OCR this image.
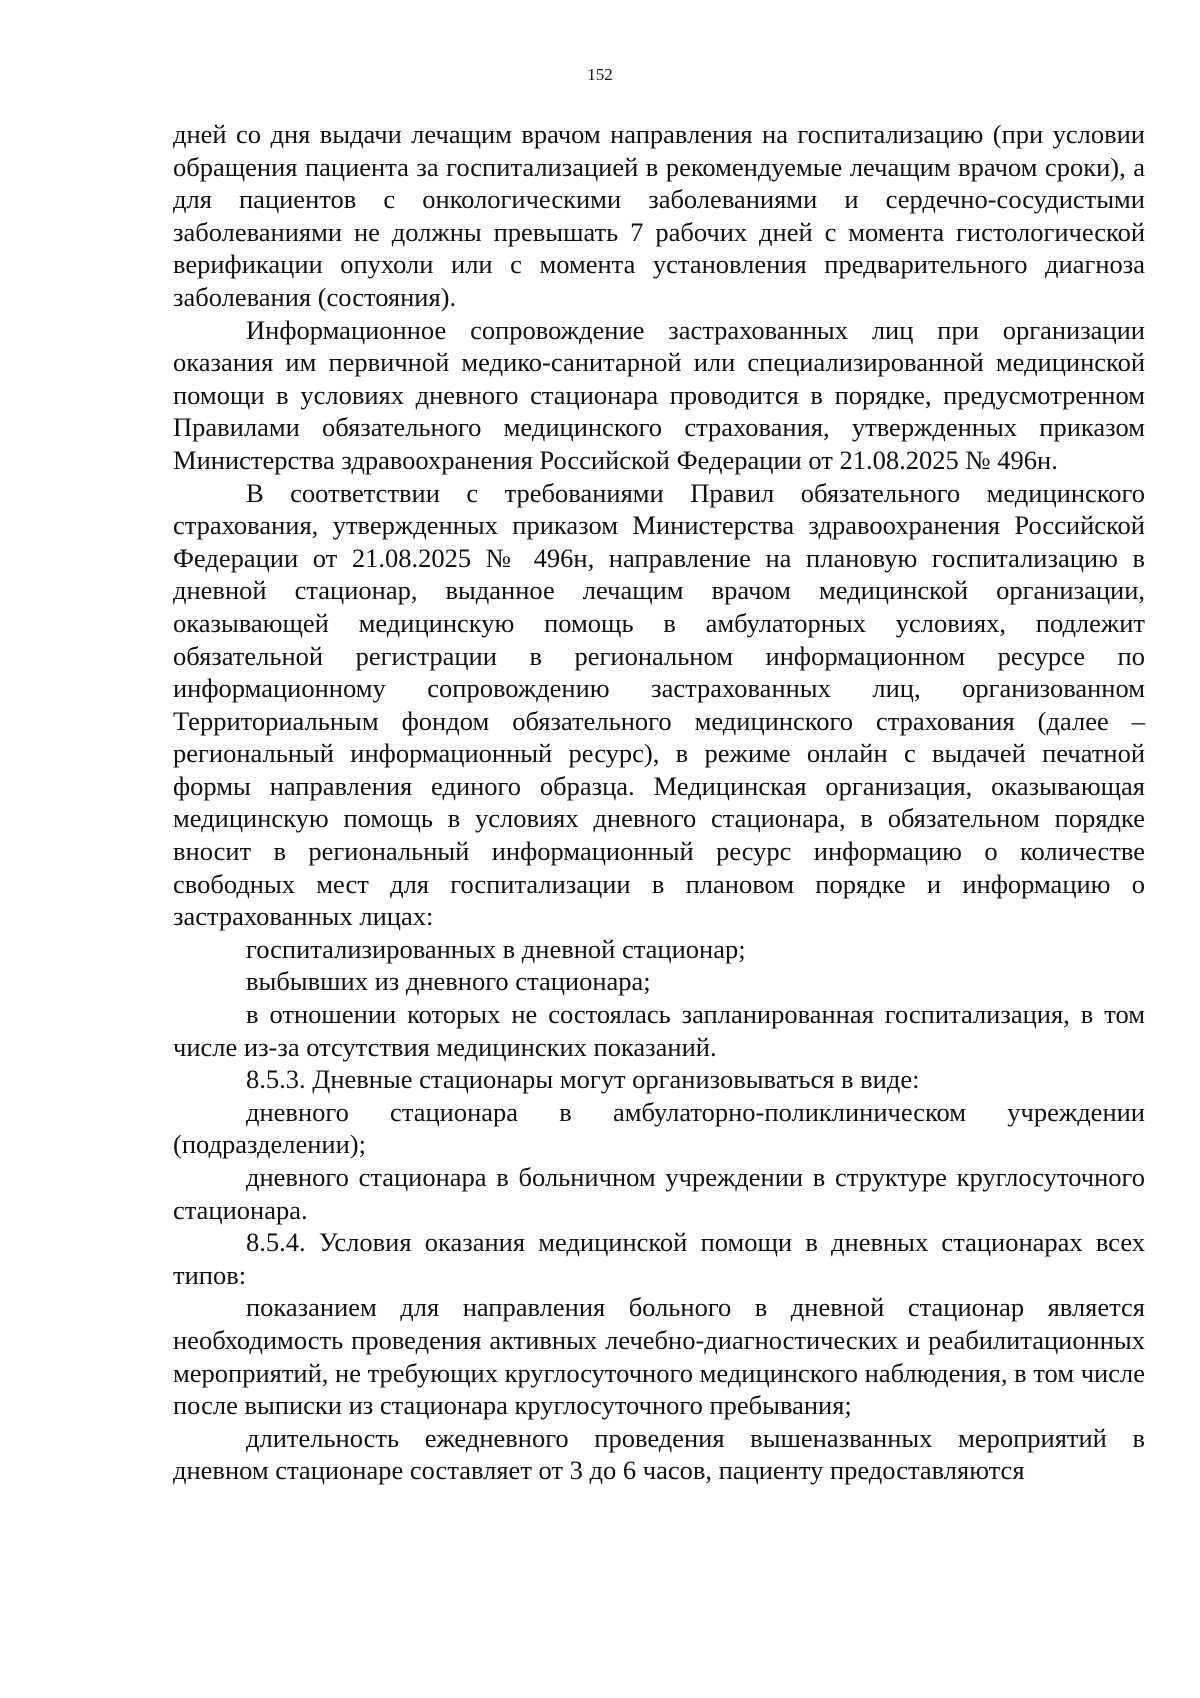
152

дней со дня выдачи лечащим врачом направления на госпитализацию (при условии обращения пациента за госпитализацией в рекомендуемые лечащим врачом сроки), а для пациентов с онкологическими заболеваниями и сердечно-сосудистыми заболеваниями не должны превышать 7 рабочих дней с момента гистологической верификации опухоли или с момента установления предварительного диагноза заболевания (состояния).

Информационное сопровождение застрахованных лиц при организации оказания им первичной медико-санитарной или специализированной медицинской помощи в условиях дневного стационара проводится в порядке, предусмотренном Правилами обязательного медицинского страхования, утвержденных приказом Министерства здравоохранения Российской Федерации от 21.08.2025 № 496н.

В соответствии с требованиями Правил обязательного медицинского страхования, утвержденных приказом Министерства здравоохранения Российской Федерации от 21.08.2025 № 496н, направление на плановую госпитализацию в дневной стационар, выданное лечащим врачом медицинской организации, оказывающей медицинскую помощь в амбулаторных условиях, подлежит обязательной регистрации в региональном информационном ресурсе по информационному сопровождению застрахованных лиц, организованном Территориальным фондом обязательного медицинского страхования (далее – региональный информационный ресурс), в режиме онлайн с выдачей печатной формы направления единого образца. Медицинская организация, оказывающая медицинскую помощь в условиях дневного стационара, в обязательном порядке вносит в региональный информационный ресурс информацию о количестве свободных мест для госпитализации в плановом порядке и информацию о застрахованных лицах:

госпитализированных в дневной стационар;

выбывших из дневного стационара;

в отношении которых не состоялась запланированная госпитализация, в том числе из-за отсутствия медицинских показаний.

8.5.3. Дневные стационары могут организовываться в виде:

дневного стационара в амбулаторно-поликлиническом учреждении (подразделении);

дневного стационара в больничном учреждении в структуре круглосуточного стационара.

8.5.4. Условия оказания медицинской помощи в дневных стационарах всех типов:

показанием для направления больного в дневной стационар является необходимость проведения активных лечебно-диагностических и реабилитационных мероприятий, не требующих круглосуточного медицинского наблюдения, в том числе после выписки из стационара круглосуточного пребывания;

длительность ежедневного проведения вышеназванных мероприятий в дневном стационаре составляет от 3 до 6 часов, пациенту предоставляются
